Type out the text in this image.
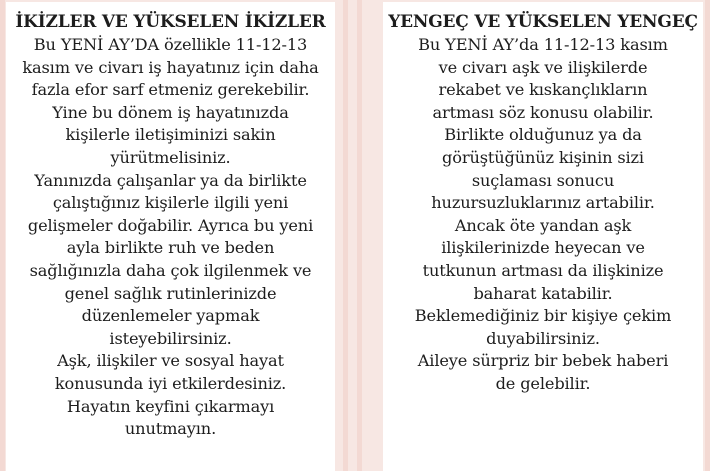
İKİZLER VE YÜKSELEN İKİZLER
Bu YENİ AY’DA özellikle 11-12-13
kasım ve civarı iş hayatınız için daha
fazla efor sarf etmeniz gerekebilir.
Yine bu dönem iş hayatınızda
kişilerle iletişiminizi sakin
yürütmelisiniz.
Yanınızda çalışanlar ya da birlikte
çalıştığınız kişilerle ilgili yeni
gelişmeler doğabilir. Ayrıca bu yeni
ayla birlikte ruh ve beden
sağlığınızla daha çok ilgilenmek ve
genel sağlık rutinlerinizde
düzenlemeler yapmak
isteyebilirsiniz.
Aşk, ilişkiler ve sosyal hayat
konusunda iyi etkilerdesiniz.
Hayatın keyfini çıkarmayı
unutmayın.
YENGEÇ VE YÜKSELEN YENGEÇ
Bu YENİ AY’da 11-12-13 kasım
ve civarı aşk ve ilişkilerde
rekabet ve kıskançlıkların
artması söz konusu olabilir.
Birlikte olduğunuz ya da
görüştüğünüz kişinin sizi
suçlaması sonucu
huzursuzluklarınız artabilir.
Ancak öte yandan aşk
ilişkilerinizde heyecan ve
tutkunun artması da ilişkinize
baharat katabilir.
Beklemediğiniz bir kişiye çekim
duyabilirsiniz.
Aileye sürpriz bir bebek haberi
de gelebilir.
